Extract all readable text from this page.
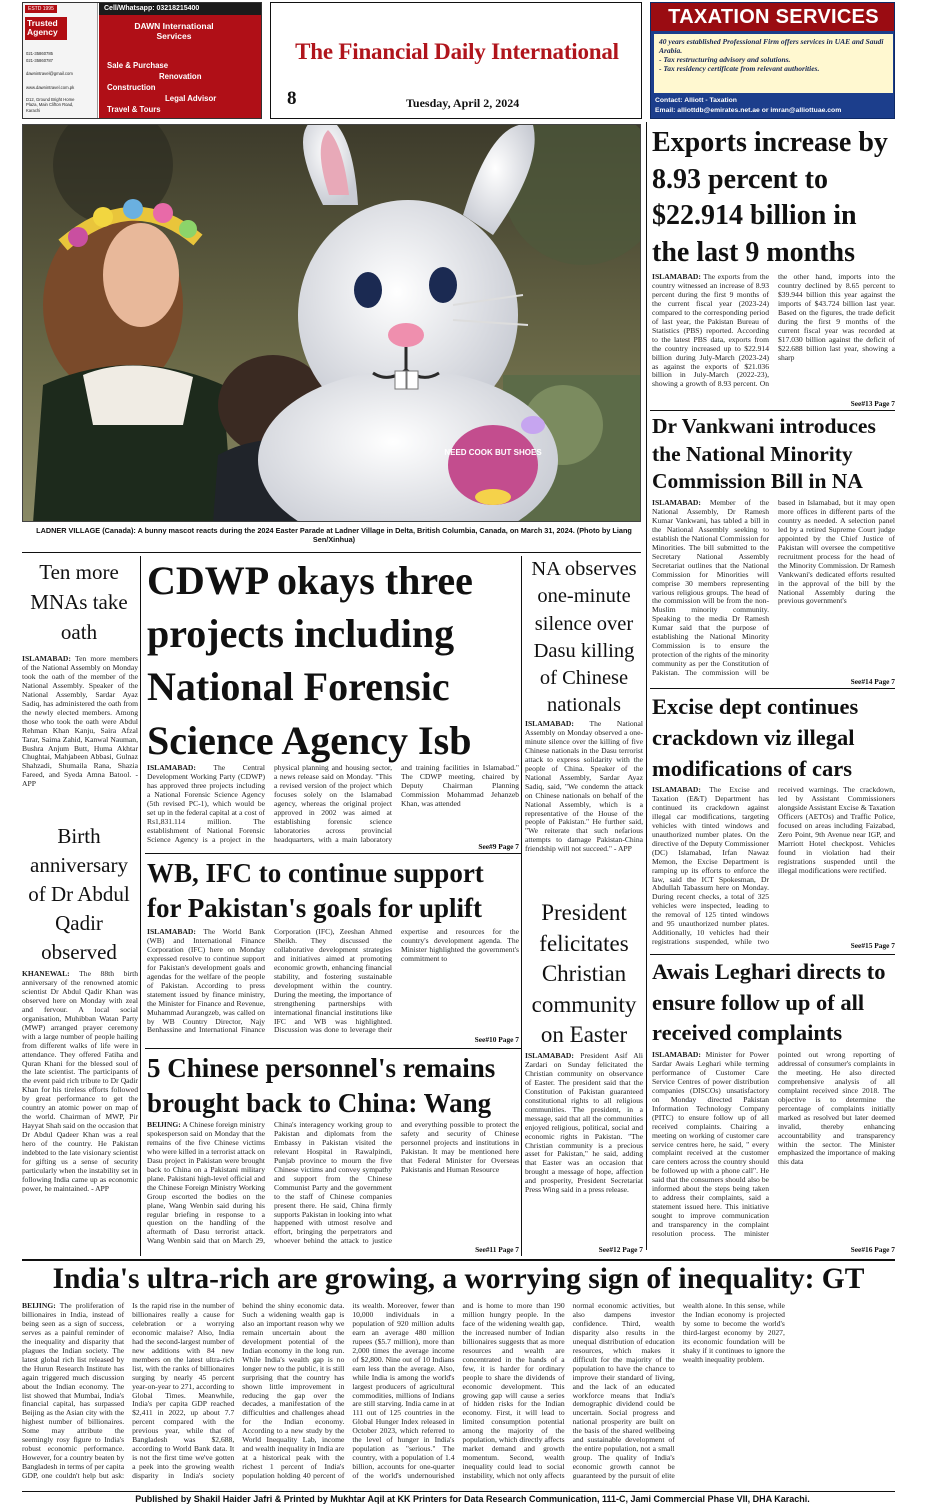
ESTD 1995
Trusted Agency
021-35860785
021-35860787
dawnintravel@gmail.com
www.dawnintravel.com.pk
D12, Ground Bright Home Plaza, Main Clifton Road, Karachi
Cell/Whatsapp: 03218215400
DAWN International Services
Sale & Purchase
Renovation
Construction
Legal Advisor
Travel & Tours
The Financial Daily International
8	Tuesday, April 2, 2024
TAXATION SERVICES
40 years established Professional Firm offers services in UAE and Saudi Arabia.
- Tax restructuring advisory and solutions.
- Tax residency certificate from relevant authorities.
Contact: Alliott - Taxation
Email: alliottdb@emirates.net.ae or imran@alliottuae.com
NEED COOK BUT SHOES
LADNER VILLAGE (Canada): A bunny mascot reacts during the 2024 Easter Parade at Ladner Village in Delta, British Columbia, Canada, on March 31, 2024. (Photo by Liang Sen/Xinhua)
Exports increase by 8.93 percent to $22.914 billion in the last 9 months
ISLAMABAD: The exports from the country witnessed an increase of 8.93 percent during the first 9 months of the current fiscal year (2023-24) compared to the corresponding period of last year, the Pakistan Bureau of Statistics (PBS) reported. According to the latest PBS data, exports from the country increased up to $22.914 billion during July-March (2023-24) as against the exports of $21.036 billion in July-March (2022-23), showing a growth of 8.93 percent. On the other hand, imports into the country declined by 8.65 percent to $39.944 billion this year against the imports of $43.724 billion last year. Based on the figures, the trade deficit during the first 9 months of the current fiscal year was recorded at $17.030 billion against the deficit of $22.688 billion last year, showing a sharp
See#13 Page 7
Dr Vankwani introduces the National Minority Commission Bill in NA
ISLAMABAD: Member of the National Assembly, Dr Ramesh Kumar Vankwani, has tabled a bill in the National Assembly seeking to establish the National Commission for Minorities. The bill submitted to the Secretary National Assembly Secretariat outlines that the National Commission for Minorities will comprise 30 members representing various religious groups. The head of the commission will be from the non-Muslim minority community. Speaking to the media Dr Ramesh Kumar said that the purpose of establishing the National Minority Commission is to ensure the protection of the rights of the minority community as per the Constitution of Pakistan. The commission will be based in Islamabad, but it may open more offices in different parts of the country as needed. A selection panel led by a retired Supreme Court judge appointed by the Chief Justice of Pakistan will oversee the competitive recruitment process for the head of the Minority Commission. Dr Ramesh Vankwani's dedicated efforts resulted in the approval of the bill by the National Assembly during the previous government's
See#14 Page 7
Excise dept continues crackdown viz illegal modifications of cars
ISLAMABAD: The Excise and Taxation (E&T) Department has continued its crackdown against illegal car modifications, targeting vehicles with tinted windows and unauthorized number plates. On the directive of the Deputy Commissioner (DC) Islamabad, Irfan Nawaz Memon, the Excise Department is ramping up its efforts to enforce the law, said the ICT Spokesman, Dr Abdullah Tabassum here on Monday. During recent checks, a total of 325 vehicles were inspected, leading to the removal of 125 tinted windows and 95 unauthorized number plates. Additionally, 10 vehicles had their registrations suspended, while two received warnings. The crackdown, led by Assistant Commissioners alongside Assistant Excise & Taxation Officers (AETOs) and Traffic Police, focused on areas including Faizabad, Zero Point, 9th Avenue near IGP, and Marriott Hotel checkpost. Vehicles found in violation had their registrations suspended until the illegal modifications were rectified.
See#15 Page 7
Awais Leghari directs to ensure follow up of all received complaints
ISLAMABAD: Minister for Power Sardar Awais Leghari while terming performance of Customer Care Service Centres of power distribution companies (DISCOs) unsatisfactory on Monday directed Pakistan Information Technology Company (PITC) to ensure follow up of all received complaints. Chairing a meeting on working of customer care service centres here, he said, " every complaint received at the customer care centers across the country should be followed up with a phone call". He said that the consumers should also be informed about the steps being taken to address their complaints, said a statement issued here. This initiative sought to improve communication and transparency in the complaint resolution process. The minister pointed out wrong reporting of addressal of consumer's complaints in the meeting. He also directed comprehensive analysis of all complaint received since 2018. The objective is to determine the percentage of complaints initially marked as resolved but later deemed invalid, thereby enhancing accountability and transparency within the sector. The Minister emphasized the importance of making this data
See#16 Page 7
Ten more MNAs take oath
ISLAMABAD: Ten more members of the National Assembly on Monday took the oath of the member of the National Assembly. Speaker of the National Assembly, Sardar Ayaz Sadiq, has administered the oath from the newly elected members. Among those who took the oath were Abdul Rehman Khan Kanju, Saira Afzal Tarar, Saima Zahid, Kanwal Nauman, Bushra Anjum Butt, Huma Akhtar Chughtai, Mahjabeen Abbasi, Gulnaz Shahzadi, Shumaila Rana, Shazia Fareed, and Syeda Amna Batool. - APP
Birth anniversary of Dr Abdul Qadir observed
KHANEWAL: The 88th birth anniversary of the renowned atomic scientist Dr Abdul Qadir Khan was observed here on Monday with zeal and fervour. A local social organisation, Muhibban Watan Party (MWP) arranged prayer ceremony with a large number of people hailing from different walks of life were in attendance. They offered Fatiha and Quran Khani for the blessed soul of the late scientist. The participants of the event paid rich tribute to Dr Qadir Khan for his tireless efforts followed by great performance to get the country an atomic power on map of the world. Chairman of MWP, Pir Hayyat Shah said on the occasion that Dr Abdul Qadeer Khan was a real hero of the country. He Pakistan indebted to the late visionary scientist for gifting us a sense of security particularly when the instability set in following India came up as economic power, he maintained. - APP
CDWP okays three projects including National Forensic Science Agency Isb
ISLAMABAD: The Central Development Working Party (CDWP) has approved three projects including a National Forensic Science Agency (5th revised PC-1), which would be set up in the federal capital at a cost of Rs1,831.114 million. The establishment of National Forensic Science Agency is a project in the physical planning and housing sector, a news release said on Monday. "This a revised version of the project which focuses solely on the Islamabad agency, whereas the original project approved in 2002 was aimed at establishing forensic science laboratories across provincial headquarters, with a main laboratory and training facilities in Islamabad." The CDWP meeting, chaired by Deputy Chairman Planning Commission Mohammad Jehanzeb Khan, was attended
See#9 Page 7
WB, IFC to continue support for Pakistan's goals for uplift
ISLAMABAD: The World Bank (WB) and International Finance Corporation (IFC) here on Monday expressed resolve to continue support for Pakistan's development goals and agendas for the welfare of the people of Pakistan. According to press statement issued by finance ministry, the Minister for Finance and Revenue, Muhammad Aurangzeb, was called on by WB Country Director, Najy Benhassine and International Finance Corporation (IFC), Zeeshan Ahmed Sheikh. They discussed the collaborative development strategies and initiatives aimed at promoting economic growth, enhancing financial stability, and fostering sustainable development within the country. During the meeting, the importance of strengthening partnerships with international financial institutions like IFC and WB was highlighted. Discussion was done to leverage their expertise and resources for the country's development agenda. The Minister highlighted the government's commitment to
See#10 Page 7
5 Chinese personnel's remains brought back to China: Wang
BEIJING: A Chinese foreign ministry spokesperson said on Monday that the remains of the five Chinese victims who were killed in a terrorist attack on Dasu project in Pakistan were brought back to China on a Pakistani military plane. Pakistani high-level official and the Chinese Foreign Ministry Working Group escorted the bodies on the plane, Wang Wenbin said during his regular briefing in response to a question on the handling of the aftermath of Dasu terrorist attack. Wang Wenbin said that on March 29, China's interagency working group to Pakistan and diplomats from the Embassy in Pakistan visited the relevant Hospital in Rawalpindi, Punjab province to mourn the five Chinese victims and convey sympathy and support from the Chinese Communist Party and the government to the staff of Chinese companies present there. He said, China firmly supports Pakistan in looking into what happened with utmost resolve and effort, bringing the perpetrators and whoever behind the attack to justice and everything possible to protect the safety and security of Chinese personnel projects and institutions in Pakistan. It may be mentioned here that Federal Minister for Overseas Pakistanis and Human Resource
See#11 Page 7
NA observes one-minute silence over Dasu killing of Chinese nationals
ISLAMABAD: The National Assembly on Monday observed a one-minute silence over the killing of five Chinese nationals in the Dasu terrorist attack to express solidarity with the people of China. Speaker of the National Assembly, Sardar Ayaz Sadiq, said, "We condemn the attack on Chinese nationals on behalf of the National Assembly, which is a representative of the House of the people of Pakistan." He further said, "We reiterate that such nefarious attempts to damage Pakistan-China friendship will not succeed." - APP
President felicitates Christian community on Easter
ISLAMABAD: President Asif Ali Zardari on Sunday felicitated the Christian community on observance of Easter. The president said that the Constitution of Pakistan guaranteed constitutional rights to all religious communities. The president, in a message, said that all the communities enjoyed religious, political, social and economic rights in Pakistan. "The Christian community is a precious asset for Pakistan," he said, adding that Easter was an occasion that brought a message of hope, affection and prosperity, President Secretariat Press Wing said in a press release.
See#12 Page 7
India's ultra-rich are growing, a worrying sign of inequality: GT
BEIJING: The proliferation of billionaires in India, instead of being seen as a sign of success, serves as a painful reminder of the inequality and disparity that plagues the Indian society. The latest global rich list released by the Hurun Research Institute has again triggered much discussion about the Indian economy. The list showed that Mumbai, India's financial capital, has surpassed Beijing as the Asian city with the highest number of billionaires. Some may attribute the seemingly rosy figure to India's robust economic performance. However, for a country beaten by Bangladesh in terms of per capita GDP, one couldn't help but ask: Is the rapid rise in the number of billionaires really a cause for celebration or a worrying economic malaise? Also, India had the second-largest number of new additions with 84 new members on the latest ultra-rich list, with the ranks of billionaires surging by nearly 45 percent year-on-year to 271, according to Global Times. Meanwhile, India's per capita GDP reached $2,411 in 2022, up about 7.7 percent compared with the previous year, while that of Bangladesh was $2,688, according to World Bank data. It is not the first time we've gotten a peek into the growing wealth disparity in India's society behind the shiny economic data. Such a widening wealth gap is also an important reason why we remain uncertain about the development potential of the Indian economy in the long run. While India's wealth gap is no longer new to the public, it is still surprising that the country has shown little improvement in reducing the gap over the decades, a manifestation of the difficulties and challenges ahead for the Indian economy. According to a new study by the World Inequality Lab, income and wealth inequality in India are at a historical peak with the richest 1 percent of India's population holding 40 percent of its wealth. Moreover, fewer than 10,000 individuals in a population of 920 million adults earn an average 480 million rupees ($5.7 million), more than 2,000 times the average income of $2,800. Nine out of 10 Indians earn less than the average. Also, while India is among the world's largest producers of agricultural commodities, millions of Indians are still starving. India came in at 111 out of 125 countries in the Global Hunger Index released in October 2023, which referred to the level of hunger in India's population as "serious." The country, with a population of 1.4 billion, accounts for one-quarter of the world's undernourished and is home to more than 190 million hungry people. In the face of the widening wealth gap, the increased number of Indian billionaires suggests that as more resources and wealth are concentrated in the hands of a few, it is harder for ordinary people to share the dividends of economic development. This growing gap will cause a series of hidden risks for the Indian economy. First, it will lead to limited consumption potential among the majority of the population, which directly affects market demand and growth momentum. Second, wealth inequality could lead to social instability, which not only affects normal economic activities, but also dampens investor confidence. Third, wealth disparity also results in the unequal distribution of education resources, which makes it difficult for the majority of the population to have the chance to improve their standard of living, and the lack of an educated workforce means that India's demographic dividend could be uncertain. Social progress and national prosperity are built on the basis of the shared wellbeing and sustainable development of the entire population, not a small group. The quality of India's economic growth cannot be guaranteed by the pursuit of elite wealth alone. In this sense, while the Indian economy is projected by some to become the world's third-largest economy by 2027, its economic foundation will be shaky if it continues to ignore the wealth inequality problem.
Published by Shakil Haider Jafri & Printed by Mukhtar Aqil at KK Printers for Data Research Communication, 111-C, Jami Commercial Phase VII, DHA Karachi.
